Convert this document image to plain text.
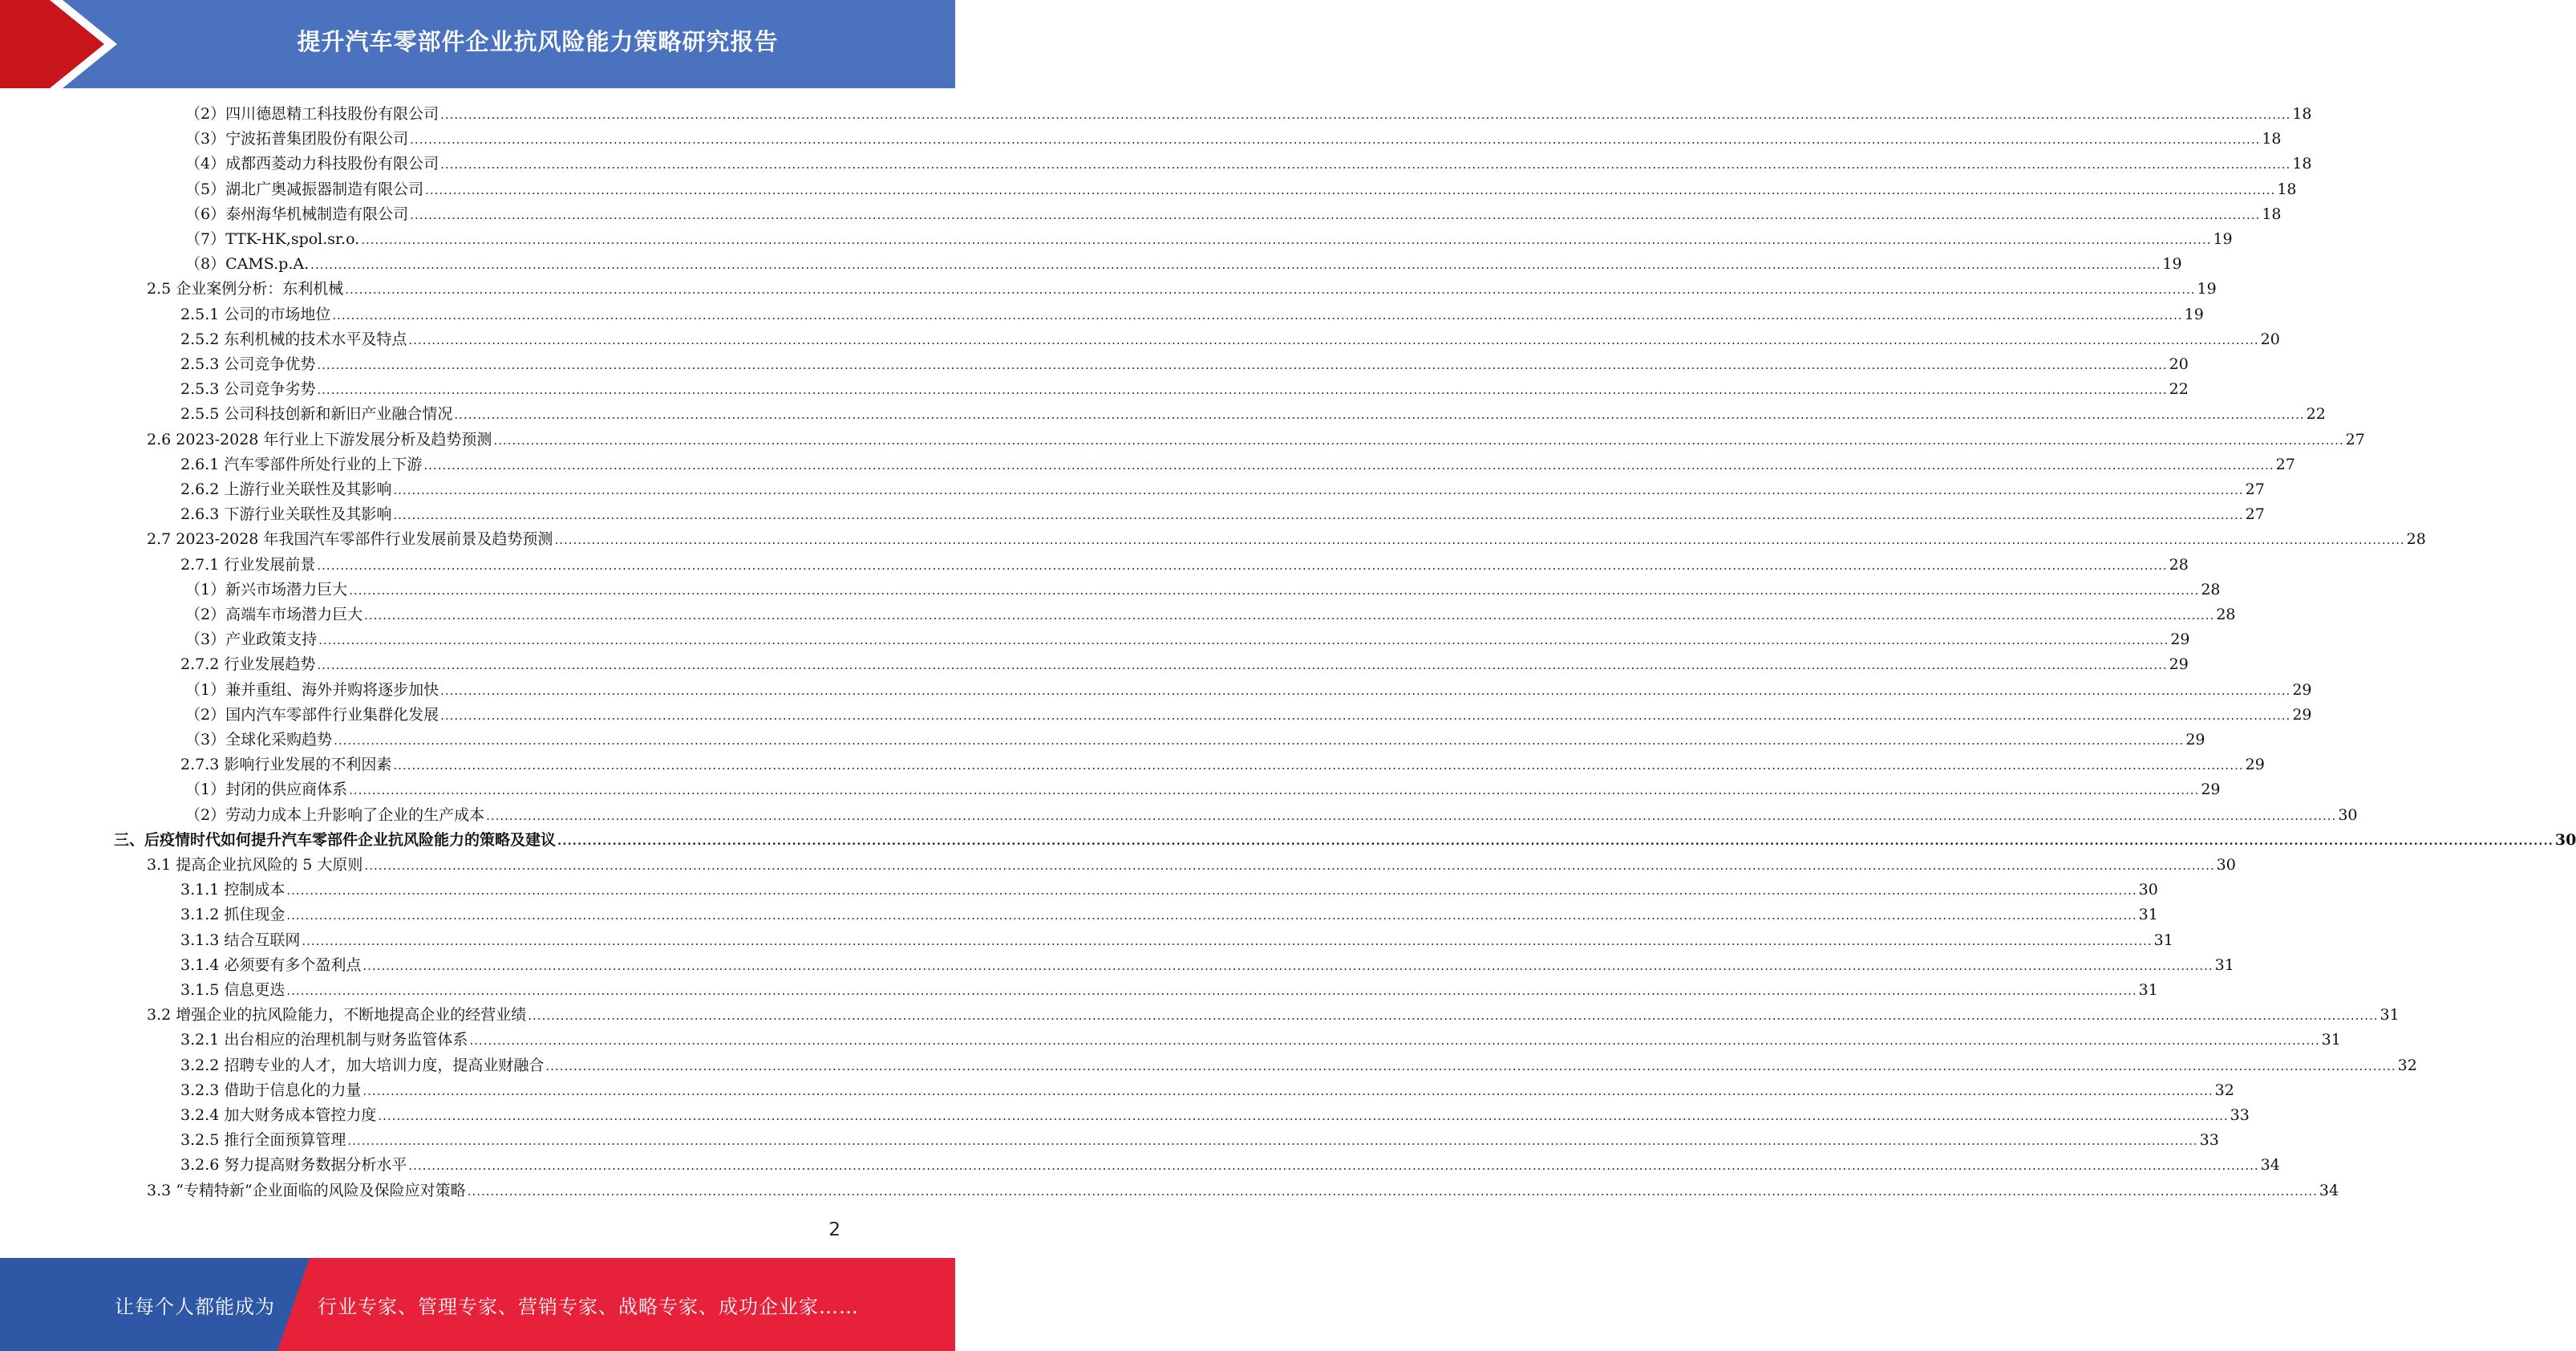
提升汽车零部件企业抗风险能力策略研究报告
（2）四川德恩精工科技股份有限公司 ................................................................................................................................................................................................................................................................................................................................................................................................................ 18
（3）宁波拓普集团股份有限公司 ................................................................................................................................................................................................................................................................................................................................................................................................................ 18
（4）成都西菱动力科技股份有限公司 ................................................................................................................................................................................................................................................................................................................................................................................................................ 18
（5）湖北广奥减振器制造有限公司 ................................................................................................................................................................................................................................................................................................................................................................................................................ 18
（6）泰州海华机械制造有限公司 ................................................................................................................................................................................................................................................................................................................................................................................................................ 18
（7）TTK-HK,spol.sr.o. ................................................................................................................................................................................................................................................................................................................................................................................................................ 19
（8）CAMS.p.A. ................................................................................................................................................................................................................................................................................................................................................................................................................ 19
2.5 企业案例分析：东利机械 ................................................................................................................................................................................................................................................................................................................................................................................................................ 19
2.5.1 公司的市场地位 ................................................................................................................................................................................................................................................................................................................................................................................................................ 19
2.5.2 东利机械的技术水平及特点 ................................................................................................................................................................................................................................................................................................................................................................................................................ 20
2.5.3 公司竞争优势 ................................................................................................................................................................................................................................................................................................................................................................................................................ 20
2.5.3 公司竞争劣势 ................................................................................................................................................................................................................................................................................................................................................................................................................ 22
2.5.5 公司科技创新和新旧产业融合情况 ................................................................................................................................................................................................................................................................................................................................................................................................................ 22
2.6 2023-2028 年行业上下游发展分析及趋势预测 ................................................................................................................................................................................................................................................................................................................................................................................................................ 27
2.6.1 汽车零部件所处行业的上下游 ................................................................................................................................................................................................................................................................................................................................................................................................................ 27
2.6.2 上游行业关联性及其影响 ................................................................................................................................................................................................................................................................................................................................................................................................................ 27
2.6.3 下游行业关联性及其影响 ................................................................................................................................................................................................................................................................................................................................................................................................................ 27
2.7 2023-2028 年我国汽车零部件行业发展前景及趋势预测 ................................................................................................................................................................................................................................................................................................................................................................................................................ 28
2.7.1 行业发展前景 ................................................................................................................................................................................................................................................................................................................................................................................................................ 28
（1）新兴市场潜力巨大 ................................................................................................................................................................................................................................................................................................................................................................................................................ 28
（2）高端车市场潜力巨大 ................................................................................................................................................................................................................................................................................................................................................................................................................ 28
（3）产业政策支持 ................................................................................................................................................................................................................................................................................................................................................................................................................ 29
2.7.2 行业发展趋势 ................................................................................................................................................................................................................................................................................................................................................................................................................ 29
（1）兼并重组、海外并购将逐步加快 ................................................................................................................................................................................................................................................................................................................................................................................................................ 29
（2）国内汽车零部件行业集群化发展 ................................................................................................................................................................................................................................................................................................................................................................................................................ 29
（3）全球化采购趋势 ................................................................................................................................................................................................................................................................................................................................................................................................................ 29
2.7.3 影响行业发展的不利因素 ................................................................................................................................................................................................................................................................................................................................................................................................................ 29
（1）封闭的供应商体系 ................................................................................................................................................................................................................................................................................................................................................................................................................ 29
（2）劳动力成本上升影响了企业的生产成本 ................................................................................................................................................................................................................................................................................................................................................................................................................ 30
三、后疫情时代如何提升汽车零部件企业抗风险能力的策略及建议 ................................................................................................................................................................................................................................................................................................................................................................................................................ 30
3.1 提高企业抗风险的 5 大原则 ................................................................................................................................................................................................................................................................................................................................................................................................................ 30
3.1.1 控制成本 ................................................................................................................................................................................................................................................................................................................................................................................................................ 30
3.1.2 抓住现金 ................................................................................................................................................................................................................................................................................................................................................................................................................ 31
3.1.3 结合互联网 ................................................................................................................................................................................................................................................................................................................................................................................................................ 31
3.1.4 必须要有多个盈利点 ................................................................................................................................................................................................................................................................................................................................................................................................................ 31
3.1.5 信息更迭 ................................................................................................................................................................................................................................................................................................................................................................................................................ 31
3.2 增强企业的抗风险能力，不断地提高企业的经营业绩 ................................................................................................................................................................................................................................................................................................................................................................................................................ 31
3.2.1 出台相应的治理机制与财务监管体系 ................................................................................................................................................................................................................................................................................................................................................................................................................ 31
3.2.2 招聘专业的人才，加大培训力度，提高业财融合 ................................................................................................................................................................................................................................................................................................................................................................................................................ 32
3.2.3 借助于信息化的力量 ................................................................................................................................................................................................................................................................................................................................................................................................................ 32
3.2.4 加大财务成本管控力度 ................................................................................................................................................................................................................................................................................................................................................................................................................ 33
3.2.5 推行全面预算管理 ................................................................................................................................................................................................................................................................................................................................................................................................................ 33
3.2.6 努力提高财务数据分析水平 ................................................................................................................................................................................................................................................................................................................................................................................................................ 34
3.3 “专精特新”企业面临的风险及保险应对策略 ................................................................................................................................................................................................................................................................................................................................................................................................................ 34
2
让每个人都能成为 行业专家、管理专家、营销专家、战略专家、成功企业家……
